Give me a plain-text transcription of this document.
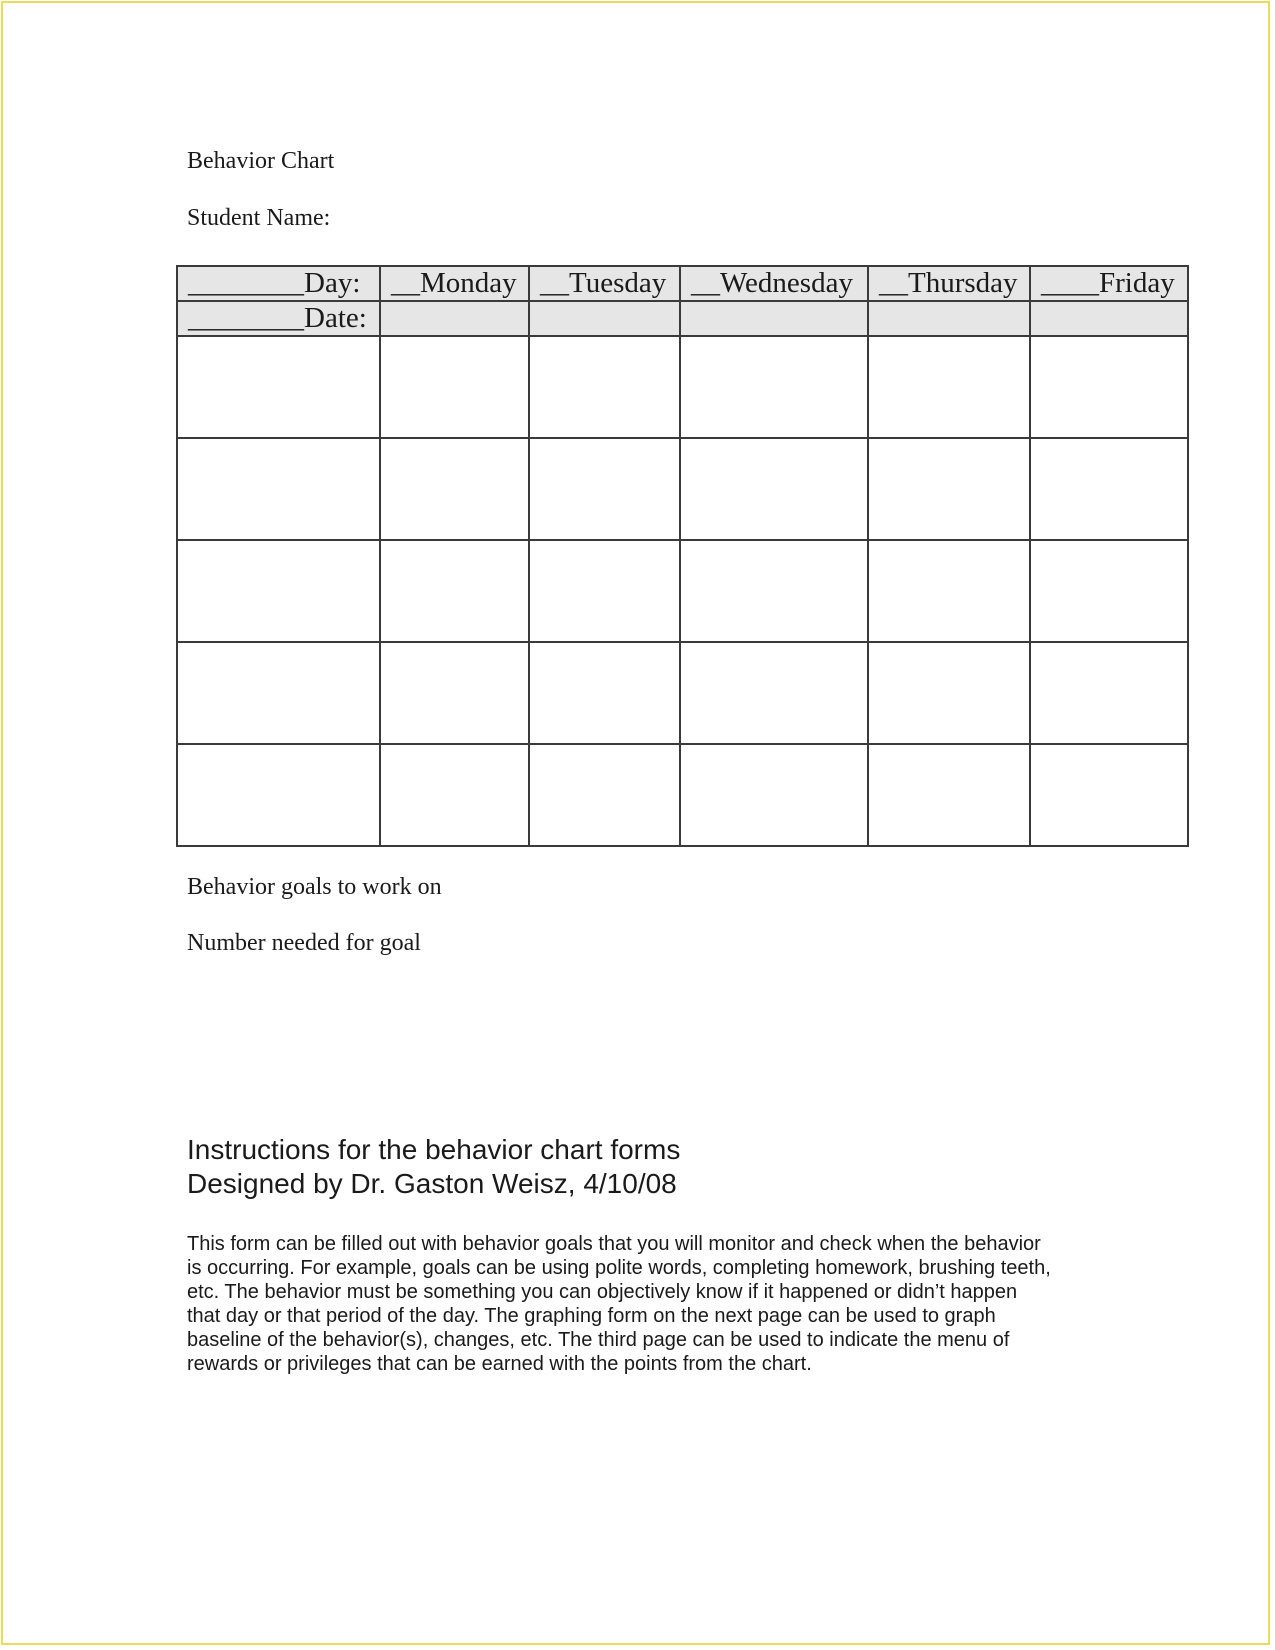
Behavior Chart
Student Name:
________Day:	__Monday	__Tuesday	__Wednesday	__Thursday	____Friday
________Date:					

Behavior goals to work on
Number needed for goal
Instructions for the behavior chart forms
Designed by Dr. Gaston Weisz, 4/10/08
This form can be filled out with behavior goals that you will monitor and check when the behavior
is occurring. For example, goals can be using polite words, completing homework, brushing teeth,
etc. The behavior must be something you can objectively know if it happened or didn’t happen
that day or that period of the day. The graphing form on the next page can be used to graph
baseline of the behavior(s), changes, etc. The third page can be used to indicate the menu of
rewards or privileges that can be earned with the points from the chart.
